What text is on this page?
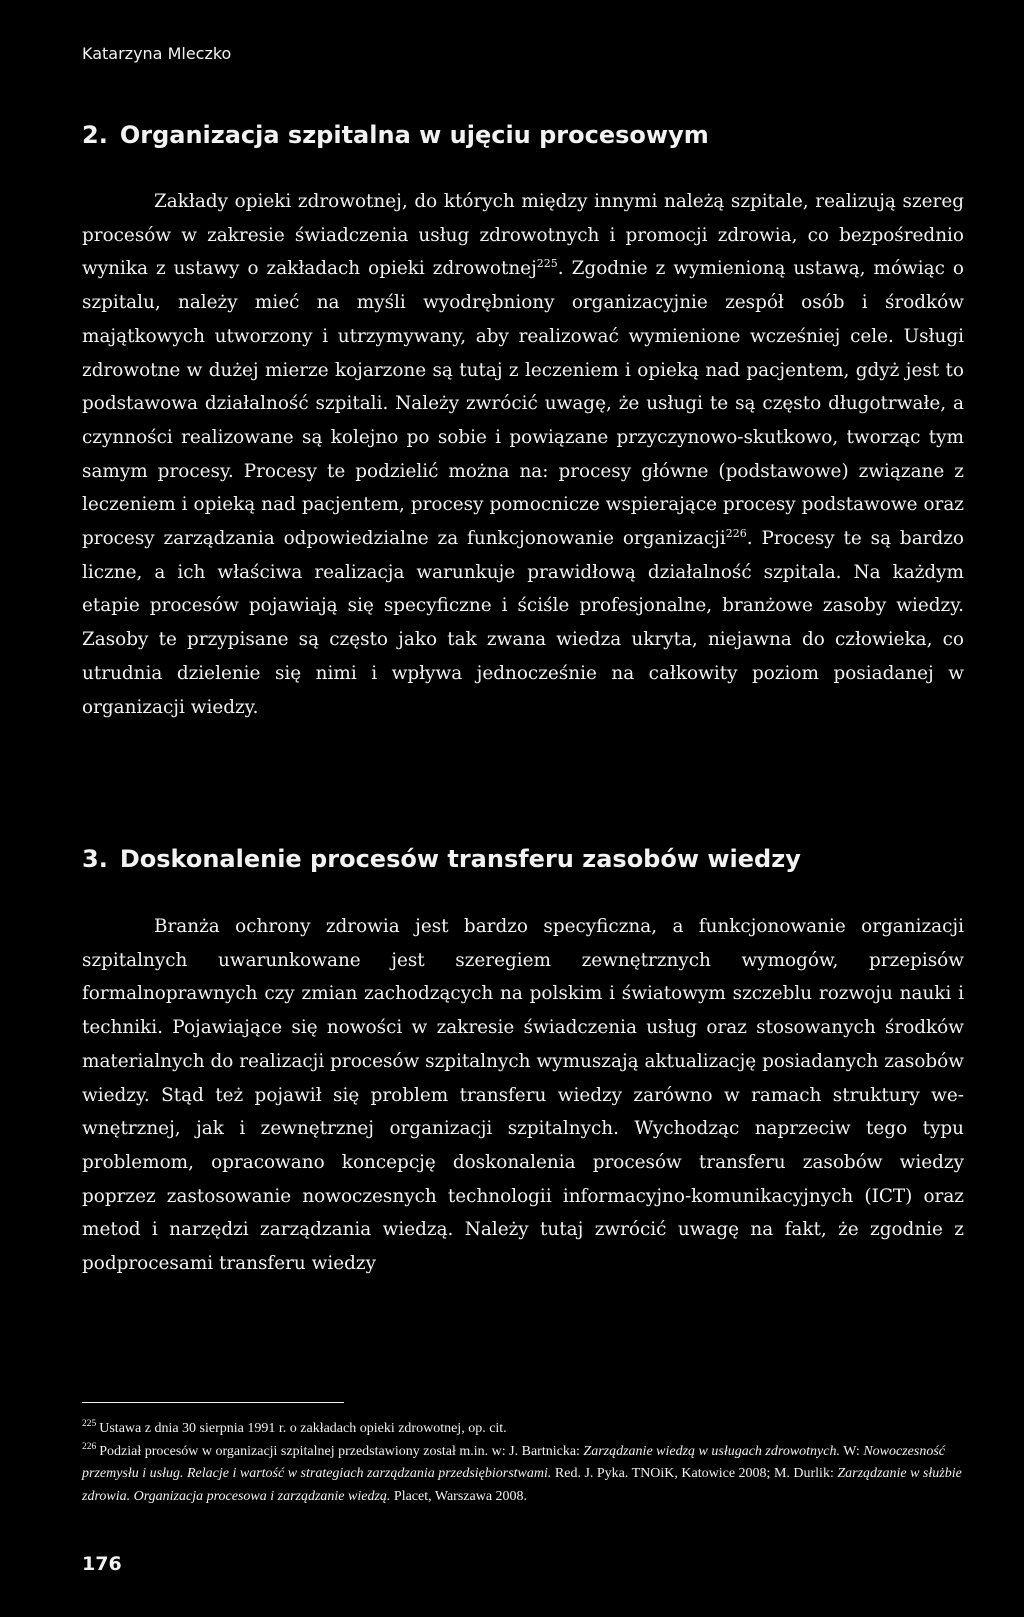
Katarzyna Mleczko
2. Organizacja szpitalna w ujęciu procesowym

Zakłady opieki zdrowotnej, do których między innymi należą szpitale, realizują szereg procesów w zakresie świadczenia usług zdrowotnych i promocji zdrowia, co bezpośrednio wynika z ustawy o zakładach opieki zdrowotnej$^{225}$. Zgodnie z wymienioną ustawą, mówiąc o szpitalu, należy mieć na myśli wyodrębniony organizacyjnie zespół osób i środków majątkowych utworzony i utrzymywany, aby realizować wymienione wcześniej cele. Usługi zdrowotne w dużej mierze kojarzone są tutaj z leczeniem i opieką nad pacjentem, gdyż jest to podstawowa działalność szpitali. Należy zwrócić uwagę, że usługi te są często długotrwałe, a czynności realizowane są kolejno po sobie i powiązane przyczynowo-skutkowo, tworząc tym samym procesy. Procesy te podzielić można na: procesy główne (podstawowe) związane z leczeniem i opieką nad pacjentem, procesy pomocnicze wspierające procesy podstawowe oraz procesy zarządzania odpowiedzialne za funkcjonowanie organizacji$^{226}$. Procesy te są bardzo liczne, a ich właściwa realizacja warunkuje prawidłową działalność szpitala. Na każdym etapie procesów pojawiają się specyficzne i ściśle profesjonalne, branżowe zasoby wiedzy. Zasoby te przypisane są często jako tak zwana wiedza ukryta, niejawna do człowieka, co utrudnia dzielenie się nimi i wpływa jednocześnie na całkowity poziom posiadanej w organizacji wiedzy.

3. Doskonalenie procesów transferu zasobów wiedzy

Branża ochrony zdrowia jest bardzo specyficzna, a funkcjonowanie organizacji szpitalnych uwarunkowane jest szeregiem zewnętrznych wymogów, przepisów formalnoprawnych czy zmian zachodzących na polskim i światowym szczeblu rozwoju nauki i techniki. Pojawiające się nowości w zakresie świadczenia usług oraz stosowanych środków materialnych do realizacji procesów szpitalnych wymuszają aktualizację posiadanych zasobów wiedzy. Stąd też pojawił się problem transferu wiedzy zarówno w ramach struktury wewnętrznej, jak i zewnętrznej organizacji szpitalnych. Wychodząc naprzeciw tego typu problemom, opracowano koncepcję doskonalenia procesów transferu zasobów wiedzy poprzez zastosowanie nowoczesnych technologii informacyjno-komunikacyjnych (ICT) oraz metod i narzędzi zarządzania wiedzą. Należy tutaj zwrócić uwagę na fakt, że zgodnie z podprocesami transferu wiedzy

$^{225}$ Ustawa z dnia 30 sierpnia 1991 r. o zakładach opieki zdrowotnej, op. cit.

$^{226}$ Podział procesów w organizacji szpitalnej przedstawiony został m.in. w: J. Bartnicka: Zarządzanie wiedzą w usługach zdrowotnych. W: Nowoczesność przemysłu i usług. Relacje i wartość w strategiach zarządzania przedsiębiorstwami. Red. J. Pyka. TNOiK, Katowice 2008; M. Durlik: Zarządzanie w służbie zdrowia. Organizacja procesowa i zarządzanie wiedzą. Placet, Warszawa 2008.

176
